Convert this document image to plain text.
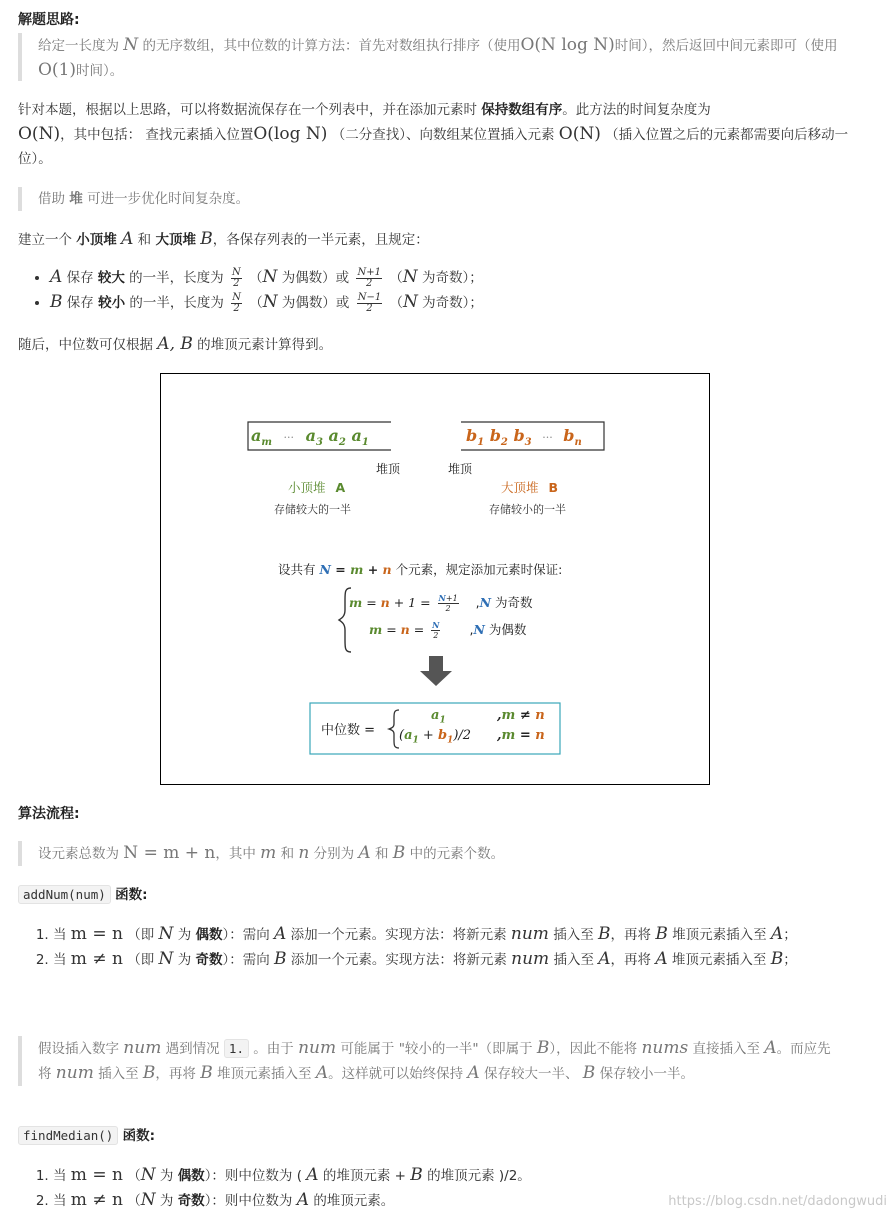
解题思路:
给定一长度为 N 的无序数组，其中位数的计算方法：首先对数组执行排序（使用O(N log N)时间），然后返回中间元素即可（使用O(1)时间）。
针对本题，根据以上思路，可以将数据流保存在一个列表中，并在添加元素时 保持数组有序。此方法的时间复杂度为
O(N)，其中包括： 查找元素插入位置O(log N) （二分查找）、向数组某位置插入元素 O(N) （插入位置之后的元素都需要向后移动一位）。
借助 堆 可进一步优化时间复杂度。
建立一个 小顶堆 A 和 大顶堆 B，各保存列表的一半元素，且规定：
• A 保存 较大 的一半，长度为 $\frac{N}{2} (N$ 为偶数）或 $\frac{N+1}{2} (N$ 为奇数）；
• B 保存 较小 的一半，长度为 $\frac{N}{2} (N$ 为偶数）或 $\frac{N-1}{2} (N$ 为奇数）；
随后，中位数可仅根据 A, B 的堆顶元素计算得到。
$a_m$ ··· $a_3$ $a_2$ $a_1$	$b_1$ $b_2$ $b_3$ ··· $b_n$
堆顶	堆顶
小顶堆 A	大顶堆 B
存储较大的一半	存储较小的一半
设共有 N = m + n 个元素，规定添加元素时保证:
$m = n + 1 = \frac{N+1}{2} ,N$ 为奇数
$m = n = \frac{N}{2} ,N$ 为偶数
中位数 =
$a_1$	,m ≠ n
$(a_1 + b_1)/2$ ,m = n
算法流程:
设元素总数为 N = m + n，其中 m 和 n 分别为 A 和 B 中的元素个数。
addNum(num) 函数:
1. 当 m = n （即 N 为 偶数）：需向 A 添加一个元素。实现方法：将新元素 num 插入至 B，再将 B 堆顶元素插入至 A；
2. 当 m ≠ n （即 N 为 奇数）：需向 B 添加一个元素。实现方法：将新元素 num 插入至 A，再将 A 堆顶元素插入至 B；
假设插入数字 num 遇到情况 1. 。由于 num 可能属于 "较小的一半"（即属于 B），因此不能将 nums 直接插入至 A。而应先将 num 插入至 B，再将 B 堆顶元素插入至 A。这样就可以始终保持 A 保存较大一半、 B 保存较小一半。
findMedian() 函数:
1. 当 m = n （N 为 偶数）：则中位数为 ( A 的堆顶元素 + B 的堆顶元素 )/2。
2. 当 m ≠ n （N 为 奇数）：则中位数为 A 的堆顶元素。	https://blog.csdn.net/dadongwudi
